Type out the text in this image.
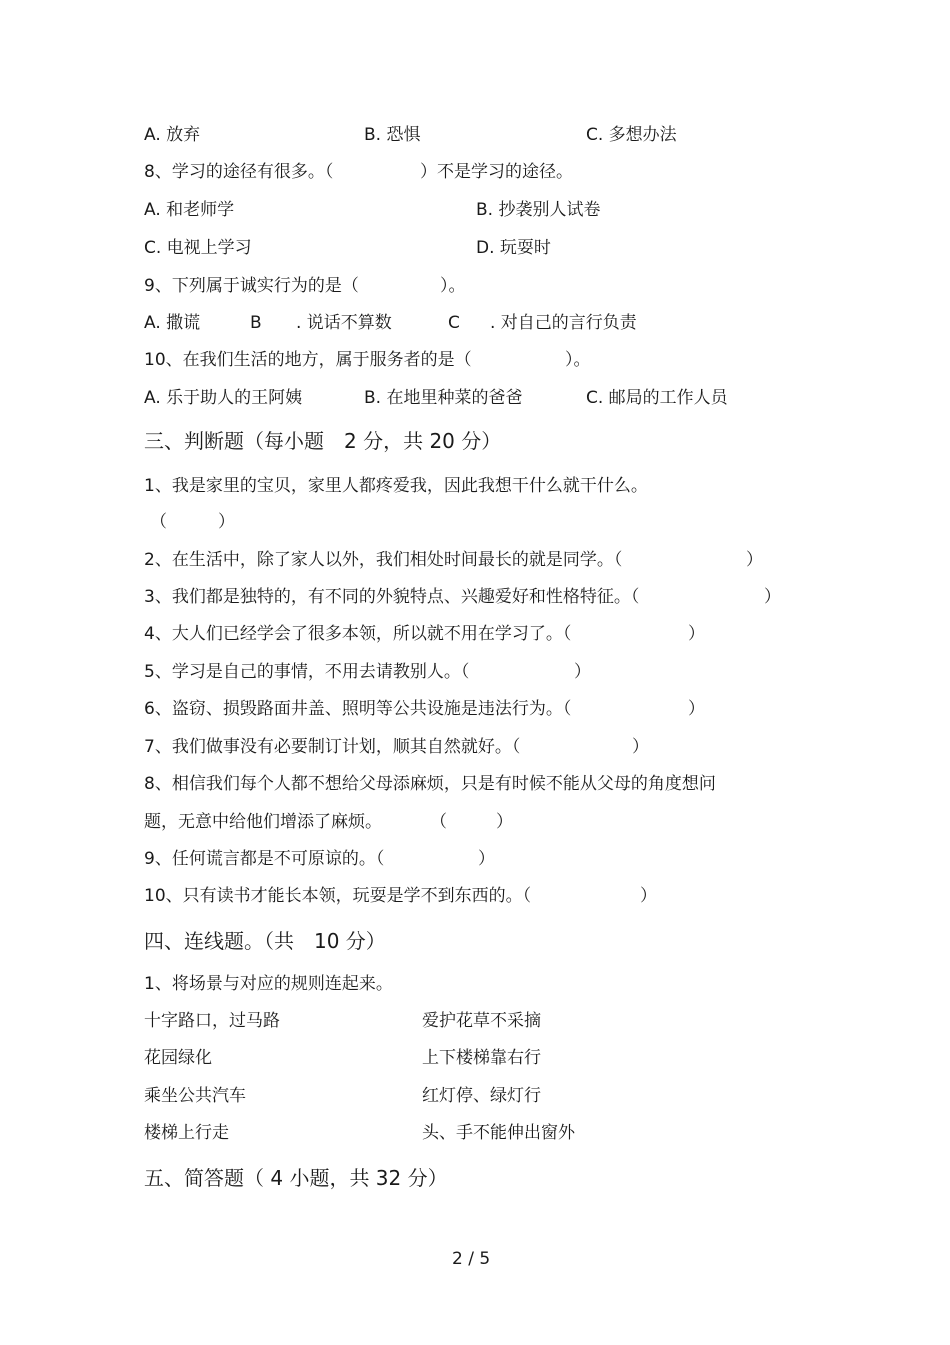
A. 放弃	B. 恐惧	C. 多想办法
8、学习的途径有很多。（	）不是学习的途径。
A. 和老师学	B. 抄袭别人试卷
C. 电视上学习	D. 玩耍时
9、下列属于诚实行为的是（	）。
A. 撒谎	B . 说话不算数	C . 对自己的言行负责
10、在我们生活的地方，属于服务者的是（	）。
A. 乐于助人的王阿姨	B. 在地里种菜的爸爸	C. 邮局的工作人员
三、判断题（每小题　2 分，共 20 分）
1、我是家里的宝贝，家里人都疼爱我，因此我想干什么就干什么。
（	）
2、在生活中，除了家人以外，我们相处时间最长的就是同学。（	）
3、我们都是独特的，有不同的外貌特点、兴趣爱好和性格特征。（	）
4、大人们已经学会了很多本领，所以就不用在学习了。（	）
5、学习是自己的事情，不用去请教别人。（	）
6、盗窃、损毁路面井盖、照明等公共设施是违法行为。（	）
7、我们做事没有必要制订计划，顺其自然就好。（	）
8、相信我们每个人都不想给父母添麻烦，只是有时候不能从父母的角度想问
题，无意中给他们增添了麻烦。	（	）
9、任何谎言都是不可原谅的。（	）
10、只有读书才能长本领，玩耍是学不到东西的。（	）
四、连线题。（共　10 分）
1、将场景与对应的规则连起来。
十字路口，过马路	爱护花草不采摘
花园绿化	上下楼梯靠右行
乘坐公共汽车	红灯停、绿灯行
楼梯上行走	头、手不能伸出窗外
五、简答题（ 4 小题，共 32 分）
2 / 5
